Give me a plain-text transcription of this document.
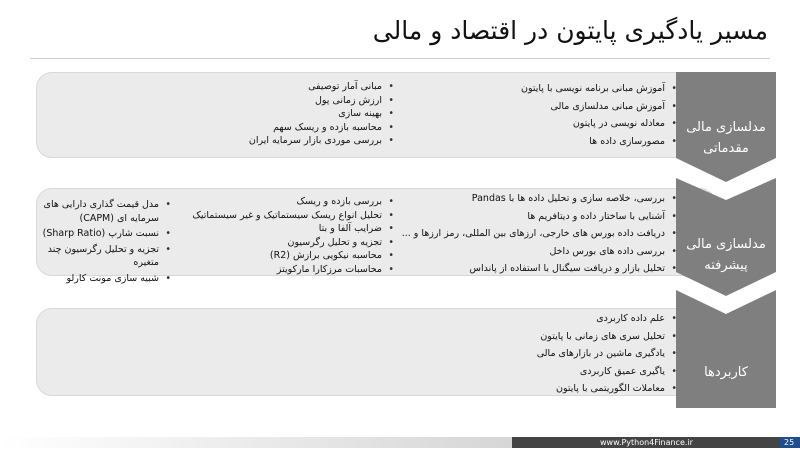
مسیر یادگیری پایتون در اقتصاد و مالی
مدلسازی مالی
مقدماتی
• آموزش مبانی برنامه نویسی با پایتون
• آموزش مبانی مدلسازی مالی
• معادله نویسی در پایتون
• مصورسازی داده ها
• مبانی آمار توصیفی
• ارزش زمانی پول
• بهینه سازی
• محاسبه بازده و ریسک سهم
• بررسی موردی بازار سرمایه ایران
مدلسازی مالی
پیشرفته
• بررسی، خلاصه سازی و تحلیل داده ها با Pandas
• آشنایی با ساختار داده و دیتافریم ها
• دریافت داده بورس های خارجی، ارزهای بین المللی، رمز ارزها و ...
• بررسی داده های بورس داخل
• تحلیل بازار و دریافت سیگنال با استفاده از پانداس
• بررسی بازده و ریسک
• تحلیل انواع ریسک سیستماتیک و غیر سیستماتیک
• ضرایب آلفا و بتا
• تجزیه و تحلیل رگرسیون
• محاسبه نیکویی برازش (R2)
• محاسبات مرزکارا مارکویتز
• مدل قیمت گذاری دارایی های سرمایه ای (CAPM)
• نسبت شارپ (Sharp Ratio)
• تجزیه و تحلیل رگرسیون چند متغیره
• شبیه سازی مونت کارلو
کاربردها
• علم داده کاربردی
• تحلیل سری های زمانی با پایتون
• یادگیری ماشین در بازارهای مالی
• یاگیری عمیق کاربردی
• معاملات الگوریتمی با پایتون
www.Python4Finance.ir	25
